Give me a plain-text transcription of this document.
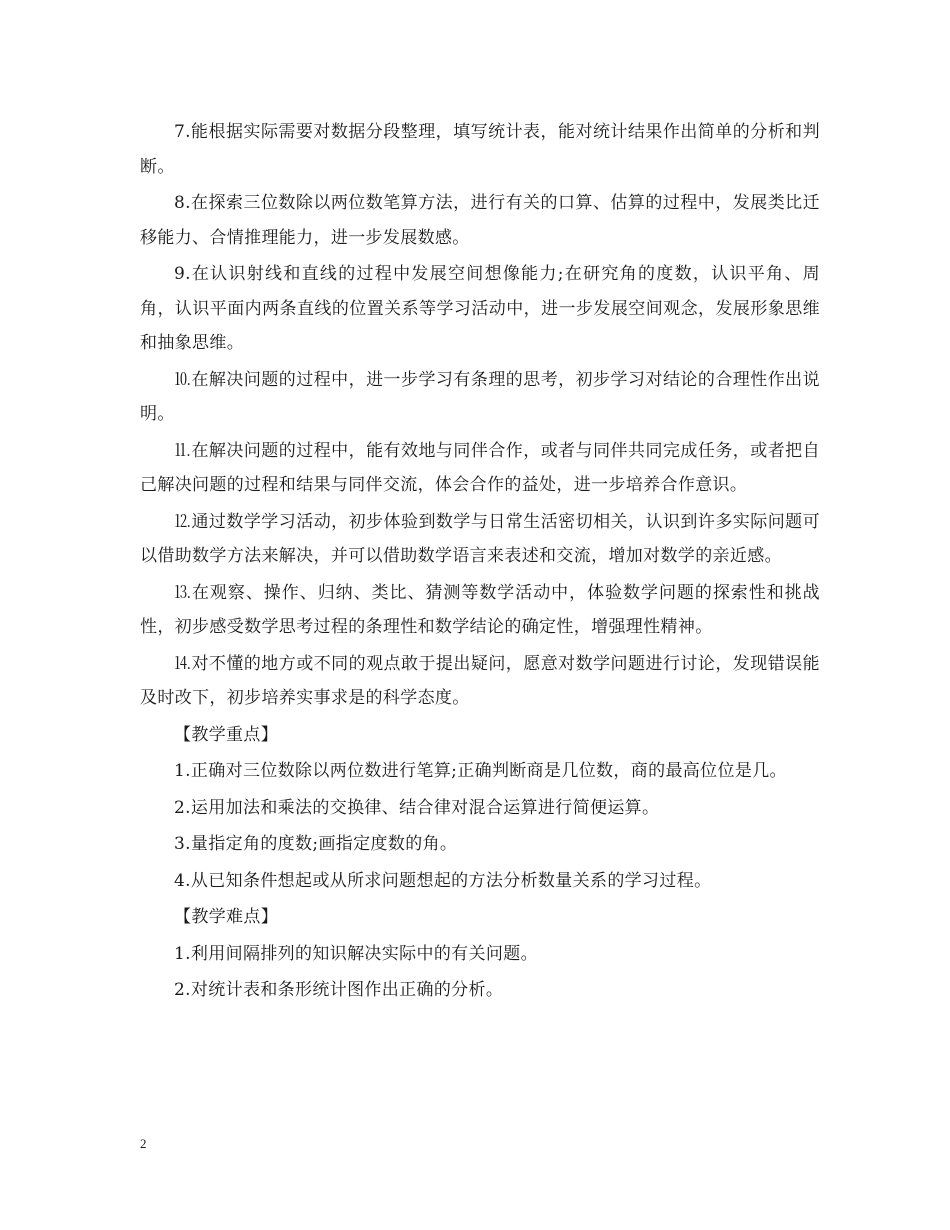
7.能根据实际需要对数据分段整理，填写统计表，能对统计结果作出简单的分析和判断。

8.在探索三位数除以两位数笔算方法，进行有关的口算、估算的过程中，发展类比迁移能力、合情推理能力，进一步发展数感。

9.在认识射线和直线的过程中发展空间想像能力;在研究角的度数，认识平角、周角，认识平面内两条直线的位置关系等学习活动中，进一步发展空间观念，发展形象思维和抽象思维。

⒑在解决问题的过程中，进一步学习有条理的思考，初步学习对结论的合理性作出说明。

⒒在解决问题的过程中，能有效地与同伴合作，或者与同伴共同完成任务，或者把自己解决问题的过程和结果与同伴交流，体会合作的益处，进一步培养合作意识。

⒓通过数学学习活动，初步体验到数学与日常生活密切相关，认识到许多实际问题可以借助数学方法来解决，并可以借助数学语言来表述和交流，增加对数学的亲近感。

⒔在观察、操作、归纳、类比、猜测等数学活动中，体验数学问题的探索性和挑战性，初步感受数学思考过程的条理性和数学结论的确定性，增强理性精神。

⒕对不懂的地方或不同的观点敢于提出疑问，愿意对数学问题进行讨论，发现错误能及时改下，初步培养实事求是的科学态度。

【教学重点】

1.正确对三位数除以两位数进行笔算;正确判断商是几位数，商的最高位位是几。

2.运用加法和乘法的交换律、结合律对混合运算进行简便运算。

3.量指定角的度数;画指定度数的角。

4.从已知条件想起或从所求问题想起的方法分析数量关系的学习过程。

【教学难点】

1.利用间隔排列的知识解决实际中的有关问题。

2.对统计表和条形统计图作出正确的分析。

2
